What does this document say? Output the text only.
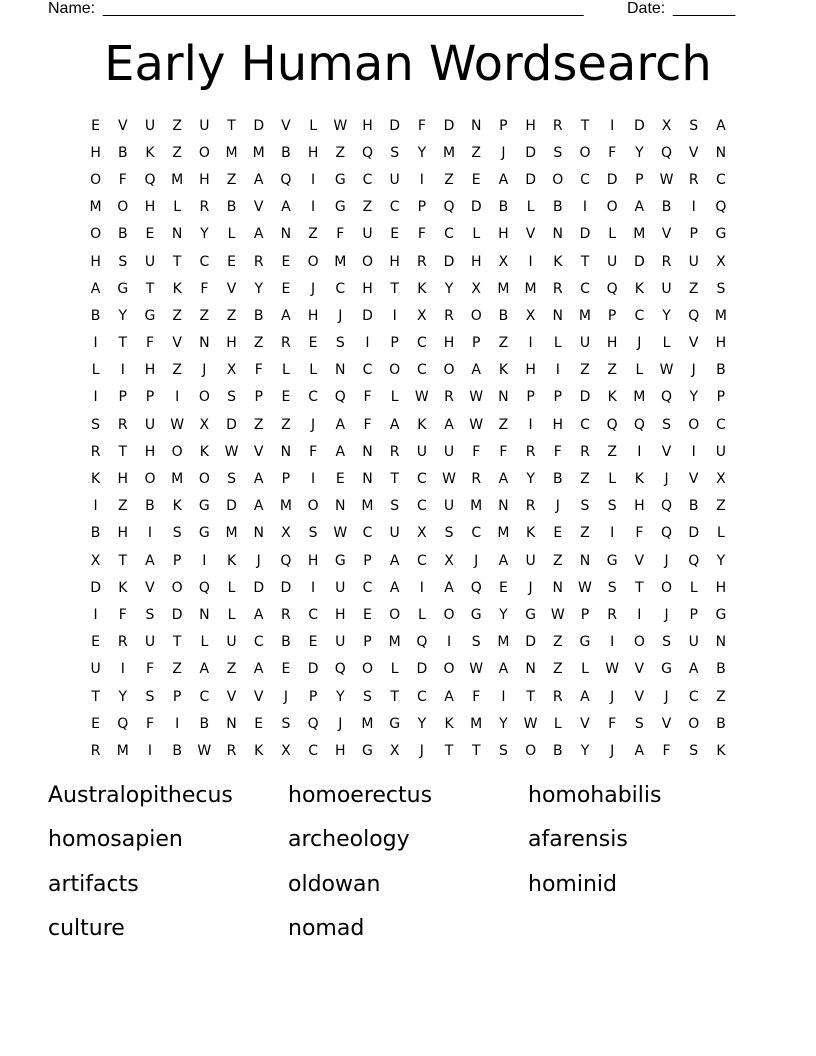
Name: ______________________________________________________	Date: _______
Early Human Wordsearch
E	V	U	Z	U	T	D	V	L	W	H	D	F	D	N	P	H	R	T	I	D	X	S	A
H	B	K	Z	O	M	M	B	H	Z	Q	S	Y	M	Z	J	D	S	O	F	Y	Q	V	N
O	F	Q	M	H	Z	A	Q	I	G	C	U	I	Z	E	A	D	O	C	D	P	W	R	C
M	O	H	L	R	B	V	A	I	G	Z	C	P	Q	D	B	L	B	I	O	A	B	I	Q
O	B	E	N	Y	L	A	N	Z	F	U	E	F	C	L	H	V	N	D	L	M	V	P	G
H	S	U	T	C	E	R	E	O	M	O	H	R	D	H	X	I	K	T	U	D	R	U	X
A	G	T	K	F	V	Y	E	J	C	H	T	K	Y	X	M	M	R	C	Q	K	U	Z	S
B	Y	G	Z	Z	Z	B	A	H	J	D	I	X	R	O	B	X	N	M	P	C	Y	Q	M
I	T	F	V	N	H	Z	R	E	S	I	P	C	H	P	Z	I	L	U	H	J	L	V	H
L	I	H	Z	J	X	F	L	L	N	C	O	C	O	A	K	H	I	Z	Z	L	W	J	B
I	P	P	I	O	S	P	E	C	Q	F	L	W	R	W	N	P	P	D	K	M	Q	Y	P
S	R	U	W	X	D	Z	Z	J	A	F	A	K	A	W	Z	I	H	C	Q	Q	S	O	C
R	T	H	O	K	W	V	N	F	A	N	R	U	U	F	F	R	F	R	Z	I	V	I	U
K	H	O	M	O	S	A	P	I	E	N	T	C	W	R	A	Y	B	Z	L	K	J	V	X
I	Z	B	K	G	D	A	M	O	N	M	S	C	U	M	N	R	J	S	S	H	Q	B	Z
B	H	I	S	G	M	N	X	S	W	C	U	X	S	C	M	K	E	Z	I	F	Q	D	L
X	T	A	P	I	K	J	Q	H	G	P	A	C	X	J	A	U	Z	N	G	V	J	Q	Y
D	K	V	O	Q	L	D	D	I	U	C	A	I	A	Q	E	J	N	W	S	T	O	L	H
I	F	S	D	N	L	A	R	C	H	E	O	L	O	G	Y	G	W	P	R	I	J	P	G
E	R	U	T	L	U	C	B	E	U	P	M	Q	I	S	M	D	Z	G	I	O	S	U	N
U	I	F	Z	A	Z	A	E	D	Q	O	L	D	O	W	A	N	Z	L	W	V	G	A	B
T	Y	S	P	C	V	V	J	P	Y	S	T	C	A	F	I	T	R	A	J	V	J	C	Z
E	Q	F	I	B	N	E	S	Q	J	M	G	Y	K	M	Y	W	L	V	F	S	V	O	B
R	M	I	B	W	R	K	X	C	H	G	X	J	T	T	S	O	B	Y	J	A	F	S	K
Australopithecus	homoerectus	homohabilis
homosapien	archeology	afarensis
artifacts	oldowan	hominid
culture	nomad
